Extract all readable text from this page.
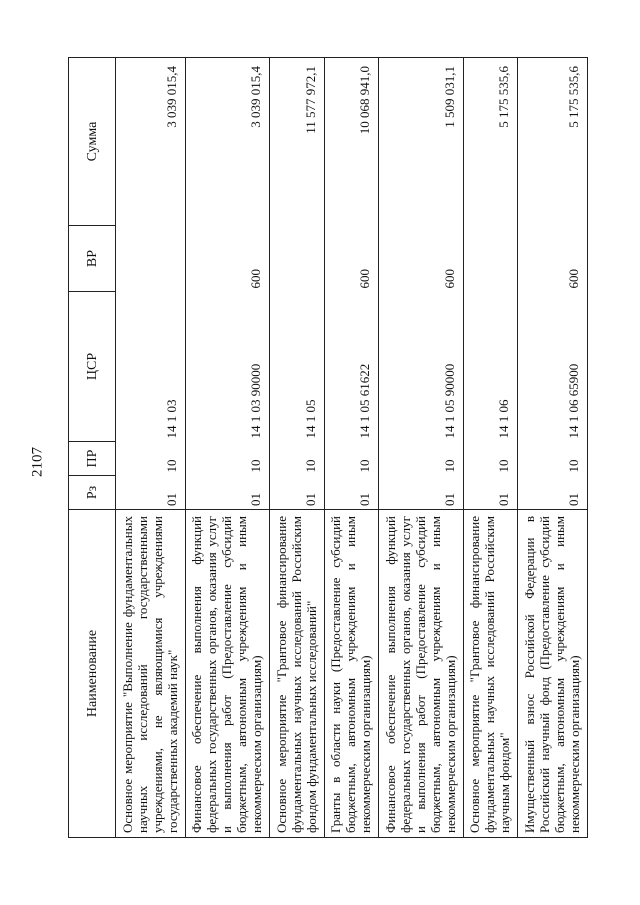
2107
Наименование	Рз	ПР	ЦСР	ВР	Сумма
Основное мероприятие "Выполнение фундаментальных научных исследований государственными учреждениями, не являющимися учреждениями государственных академий наук"	01	10	14 1 03		3 039 015,4
Финансовое обеспечение выполнения функций федеральных государственных органов, оказания услуг и выполнения работ (Предоставление субсидий бюджетным, автономным учреждениям и иным некоммерческим организациям)	01	10	14 1 03 90000	600	3 039 015,4
Основное мероприятие "Грантовое финансирование фундаментальных научных исследований Российским фондом фундаментальных исследований"	01	10	14 1 05		11 577 972,1
Гранты в области науки (Предоставление субсидий бюджетным, автономным учреждениям и иным некоммерческим организациям)	01	10	14 1 05 61622	600	10 068 941,0
Финансовое обеспечение выполнения функций федеральных государственных органов, оказания услуг и выполнения работ (Предоставление субсидий бюджетным, автономным учреждениям и иным некоммерческим организациям)	01	10	14 1 05 90000	600	1 509 031,1
Основное мероприятие "Грантовое финансирование фундаментальных научных исследований Российским научным фондом"	01	10	14 1 06		5 175 535,6
Имущественный взнос Российской Федерации в Российский научный фонд (Предоставление субсидий бюджетным, автономным учреждениям и иным некоммерческим организациям)	01	10	14 1 06 65900	600	5 175 535,6
